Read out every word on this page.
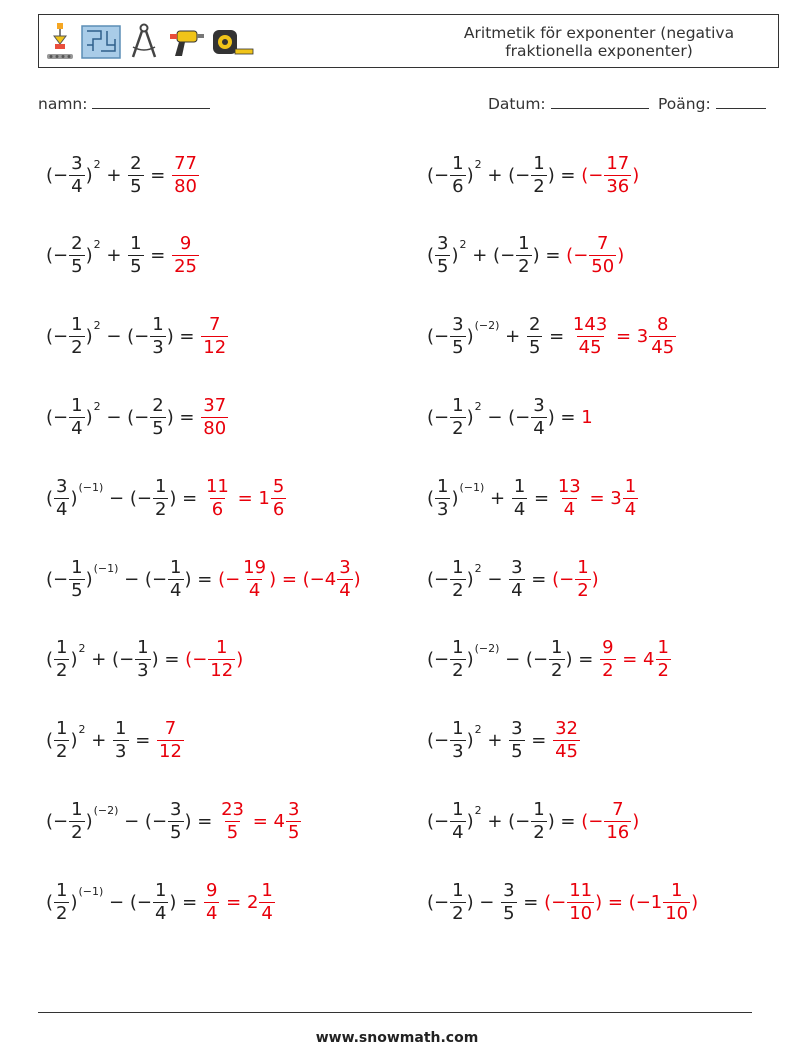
Aritmetik för exponenter (negativa fraktionella exponenter)
namn:	Datum:	Poäng:
(− $\frac{3}{4}$ )
2
+ $\frac{2}{5} = \frac{77}{80}$	(− $\frac{1}{6}$ )
2
+ (− $\frac{1}{2}$ ) = (− $\frac{17}{36}$ )
(− $\frac{2}{5}$ )
2
+ $\frac{1}{5} = \frac{9}{25}$	( $\frac{3}{5}$ )
2
+ (− $\frac{1}{2}$ ) = (− $\frac{7}{50}$ )
(− $\frac{1}{2}$ )
2
− (− $\frac{1}{3}$ ) = $\frac{7}{12}$	(− $\frac{3}{5}$ )
(−2)
+ $\frac{2}{5} = \frac{143}{45} = 3 \frac{8}{45}$
(− $\frac{1}{4}$ )
2
− (− $\frac{2}{5}$ ) = $\frac{37}{80}$	(− $\frac{1}{2}$ )
2
− (− $\frac{3}{4}$ ) = 1
( $\frac{3}{4}$ )
(−1)
− (− $\frac{1}{2}$ ) = $\frac{11}{6} = 1 \frac{5}{6}$	( $\frac{1}{3}$ )
(−1)
+ $\frac{1}{4} = \frac{13}{4} = 3 \frac{1}{4}$
(− $\frac{1}{5}$ )
(−1)
− (− $\frac{1}{4}$ ) = (− $\frac{19}{4}$ ) = ($-4 \frac{3}{4}$ )	(− $\frac{1}{2}$ )
2
− $\frac{3}{4}$ = (− $\frac{1}{2}$ )
( $\frac{1}{2}$ )
2
+ (− $\frac{1}{3}$ ) = (− $\frac{1}{12}$ )	(− $\frac{1}{2}$ )
(−2)
− (− $\frac{1}{2}$ ) = $\frac{9}{2} = 4 \frac{1}{2}$
( $\frac{1}{2}$ )
2
+ $\frac{1}{3} = \frac{7}{12}$	(− $\frac{1}{3}$ )
2
+ $\frac{3}{5} = \frac{32}{45}$
(− $\frac{1}{2}$ )
(−2)
− (− $\frac{3}{5}$ ) = $\frac{23}{5} = 4 \frac{3}{5}$	(− $\frac{1}{4}$ )
2
+ (− $\frac{1}{2}$ ) = (− $\frac{7}{16}$ )
( $\frac{1}{2}$ )
(−1)
− (− $\frac{1}{4}$ ) = $\frac{9}{4} = 2 \frac{1}{4}$	(− $\frac{1}{2}$ ) − $\frac{3}{5}$ = (− $\frac{11}{10}$ ) = ($-1 \frac{1}{10}$ )
www.snowmath.com
